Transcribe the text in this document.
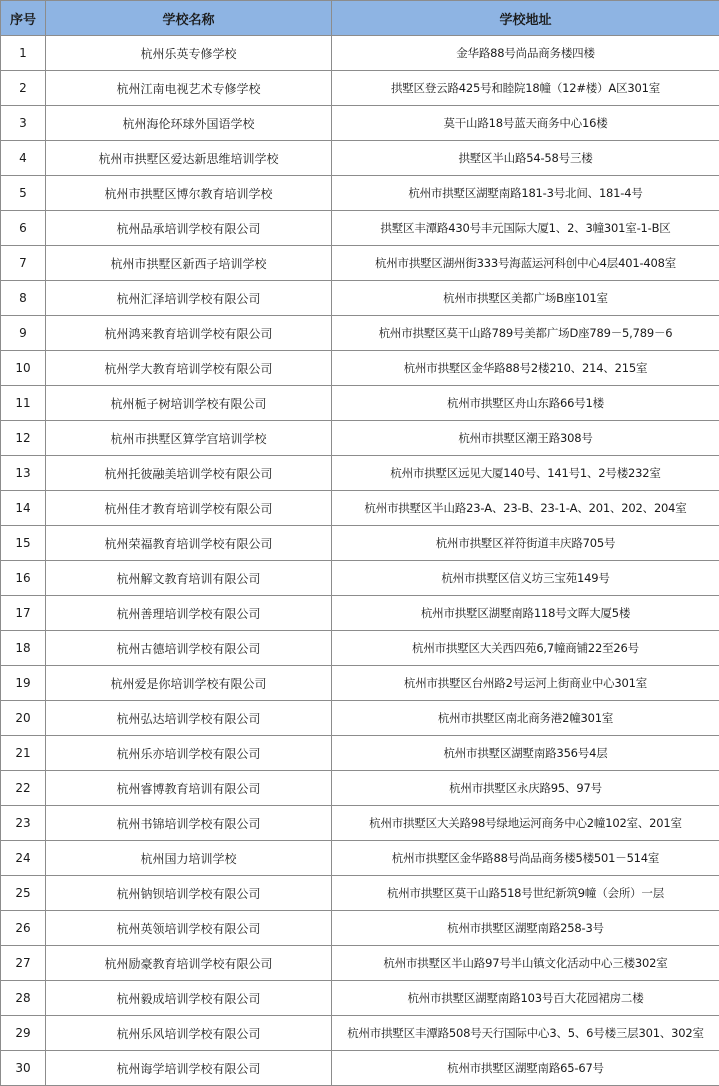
序号	学校名称	学校地址
1	杭州乐英专修学校	金华路88号尚品商务楼四楼
2	杭州江南电视艺术专修学校	拱墅区登云路425号和睦院18幢（12#楼）A区301室
3	杭州海伦环球外国语学校	莫干山路18号蓝天商务中心16楼
4	杭州市拱墅区爱达新思维培训学校	拱墅区半山路54-58号三楼
5	杭州市拱墅区博尔教育培训学校	杭州市拱墅区湖墅南路181-3号北间、181-4号
6	杭州品承培训学校有限公司	拱墅区丰潭路430号丰元国际大厦1、2、3幢301室-1-B区
7	杭州市拱墅区新西子培训学校	杭州市拱墅区湖州街333号海蓝运河科创中心4层401-408室
8	杭州汇泽培训学校有限公司	杭州市拱墅区美都广场B座101室
9	杭州鸿来教育培训学校有限公司	杭州市拱墅区莫干山路789号美都广场D座789－5,789－6
10	杭州学大教育培训学校有限公司	杭州市拱墅区金华路88号2楼210、214、215室
11	杭州栀子树培训学校有限公司	杭州市拱墅区舟山东路66号1楼
12	杭州市拱墅区算学宫培训学校	杭州市拱墅区潮王路308号
13	杭州托彼融美培训学校有限公司	杭州市拱墅区远见大厦140号、141号1、2号楼232室
14	杭州佳才教育培训学校有限公司	杭州市拱墅区半山路23-A、23-B、23-1-A、201、202、204室
15	杭州荣福教育培训学校有限公司	杭州市拱墅区祥符街道丰庆路705号
16	杭州解文教育培训有限公司	杭州市拱墅区信义坊三宝苑149号
17	杭州善理培训学校有限公司	杭州市拱墅区湖墅南路118号文晖大厦5楼
18	杭州古德培训学校有限公司	杭州市拱墅区大关西四苑6,7幢商铺22至26号
19	杭州爱是你培训学校有限公司	杭州市拱墅区台州路2号运河上街商业中心301室
20	杭州弘达培训学校有限公司	杭州市拱墅区南北商务港2幢301室
21	杭州乐亦培训学校有限公司	杭州市拱墅区湖墅南路356号4层
22	杭州睿博教育培训有限公司	杭州市拱墅区永庆路95、97号
23	杭州书锦培训学校有限公司	杭州市拱墅区大关路98号绿地运河商务中心2幢102室、201室
24	杭州国力培训学校	杭州市拱墅区金华路88号尚品商务楼5楼501－514室
25	杭州钠钡培训学校有限公司	杭州市拱墅区莫干山路518号世纪新筑9幢（会所）一层
26	杭州英领培训学校有限公司	杭州市拱墅区湖墅南路258-3号
27	杭州励豪教育培训学校有限公司	杭州市拱墅区半山路97号半山镇文化活动中心三楼302室
28	杭州毅成培训学校有限公司	杭州市拱墅区湖墅南路103号百大花园裙房二楼
29	杭州乐风培训学校有限公司	杭州市拱墅区丰潭路508号天行国际中心3、5、6号楼三层301、302室
30	杭州诲学培训学校有限公司	杭州市拱墅区湖墅南路65-67号
